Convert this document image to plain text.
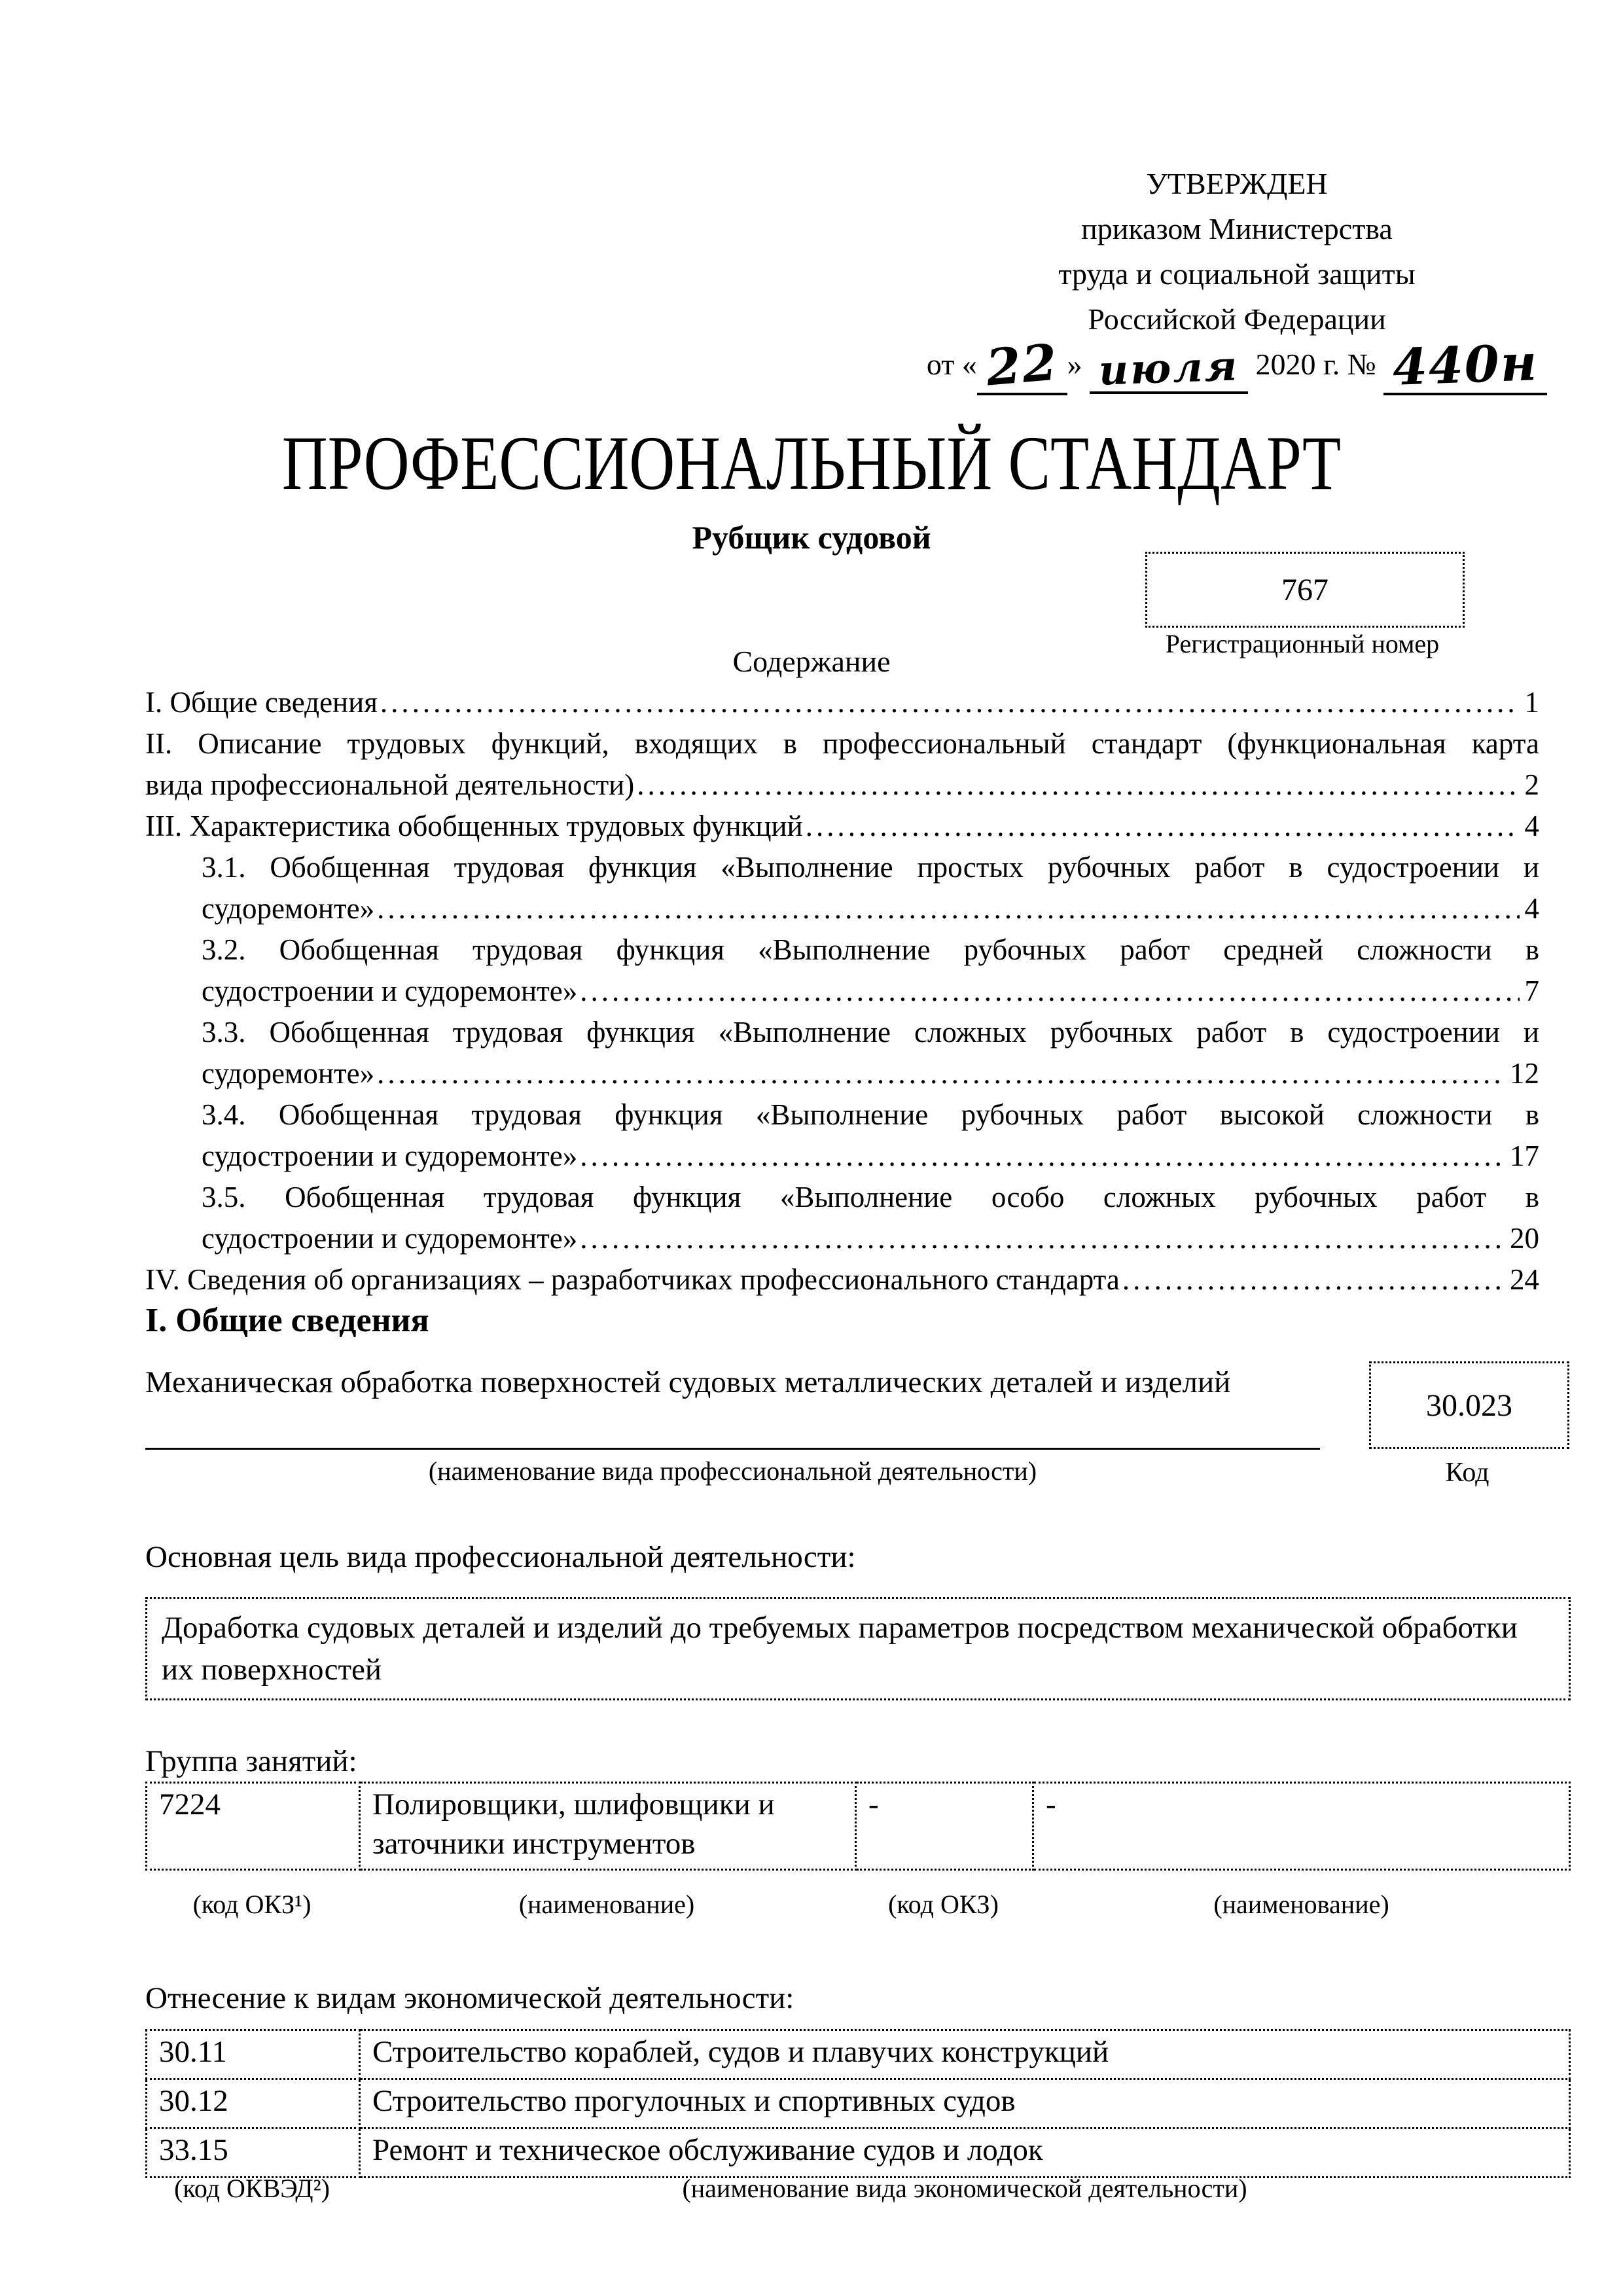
УТВЕРЖДЕН
приказом Министерства
труда и социальной защиты
Российской Федерации
от « 22 » июля 2020 г. № 440н
ПРОФЕССИОНАЛЬНЫЙ СТАНДАРТ
Рубщик судовой
767
Регистрационный номер
Содержание
I. Общие сведения .....	1
II. Описание трудовых функций, входящих в профессиональный стандарт (функциональная карта
вида профессиональной деятельности) .....	2
III. Характеристика обобщенных трудовых функций .....	4
3.1. Обобщенная трудовая функция «Выполнение простых рубочных работ в судостроении и
судоремонте» .....	4
3.2. Обобщенная трудовая функция «Выполнение рубочных работ средней сложности в
судостроении и судоремонте» .....	7
3.3. Обобщенная трудовая функция «Выполнение сложных рубочных работ в судостроении и
судоремонте» .....	12
3.4. Обобщенная трудовая функция «Выполнение рубочных работ высокой сложности в
судостроении и судоремонте» .....	17
3.5. Обобщенная трудовая функция «Выполнение особо сложных рубочных работ в
судостроении и судоремонте» .....	20
IV. Сведения об организациях – разработчиках профессионального стандарта .....	24
I. Общие сведения
Механическая обработка поверхностей судовых металлических деталей и изделий
(наименование вида профессиональной деятельности)
30.023
Код
Основная цель вида профессиональной деятельности:
Доработка судовых деталей и изделий до требуемых параметров посредством механической обработки их поверхностей
Группа занятий:
7224	Полировщики, шлифовщики и заточники инструментов	-	-
(код ОКЗ¹)	(наименование)	(код ОКЗ)	(наименование)
Отнесение к видам экономической деятельности:
30.11	Строительство кораблей, судов и плавучих конструкций
30.12	Строительство прогулочных и спортивных судов
33.15	Ремонт и техническое обслуживание судов и лодок
(код ОКВЭД²)	(наименование вида экономической деятельности)
